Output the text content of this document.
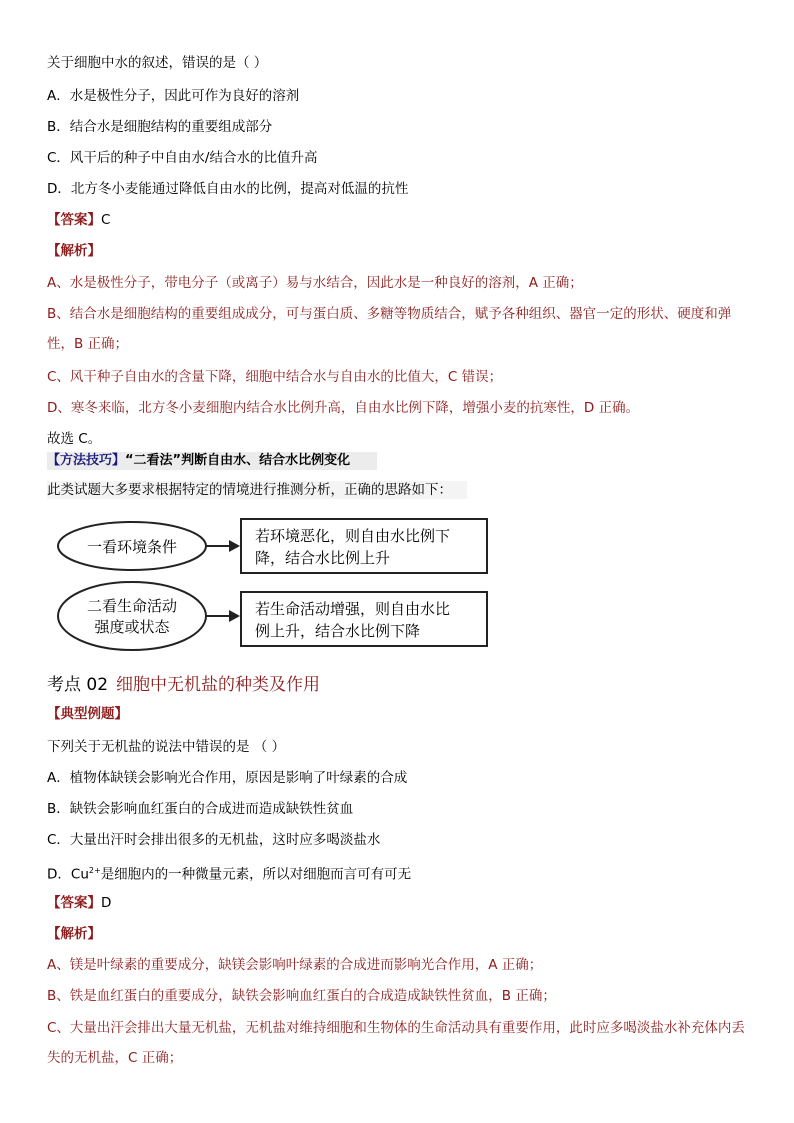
关于细胞中水的叙述，错误的是（ ）
A．水是极性分子，因此可作为良好的溶剂
B．结合水是细胞结构的重要组成部分
C．风干后的种子中自由水/结合水的比值升高
D．北方冬小麦能通过降低自由水的比例，提高对低温的抗性
【答案】C
【解析】
A、水是极性分子，带电分子（或离子）易与水结合，因此水是一种良好的溶剂，A 正确；
B、结合水是细胞结构的重要组成成分，可与蛋白质、多糖等物质结合，赋予各种组织、器官一定的形状、硬度和弹性，B 正确；
C、风干种子自由水的含量下降，细胞中结合水与自由水的比值大，C 错误；
D、寒冬来临，北方冬小麦细胞内结合水比例升高，自由水比例下降，增强小麦的抗寒性，D 正确。
故选 C。
【方法技巧】“二看法”判断自由水、结合水比例变化
此类试题大多要求根据特定的情境进行推测分析，正确的思路如下：
一看环境条件
二看生命活动
强度或状态
若环境恶化，则自由水比例下
降，结合水比例上升
若生命活动增强，则自由水比
例上升，结合水比例下降
考点 02 细胞中无机盐的种类及作用
【典型例题】
下列关于无机盐的说法中错误的是 （ ）
A．植物体缺镁会影响光合作用，原因是影响了叶绿素的合成
B．缺铁会影响血红蛋白的合成进而造成缺铁性贫血
C．大量出汗时会排出很多的无机盐，这时应多喝淡盐水
D．$Cu^{2+}$是细胞内的一种微量元素，所以对细胞而言可有可无
【答案】D
【解析】
A、镁是叶绿素的重要成分，缺镁会影响叶绿素的合成进而影响光合作用，A 正确；
B、铁是血红蛋白的重要成分，缺铁会影响血红蛋白的合成造成缺铁性贫血，B 正确；
C、大量出汗会排出大量无机盐，无机盐对维持细胞和生物体的生命活动具有重要作用，此时应多喝淡盐水补充体内丢失的无机盐，C 正确；
